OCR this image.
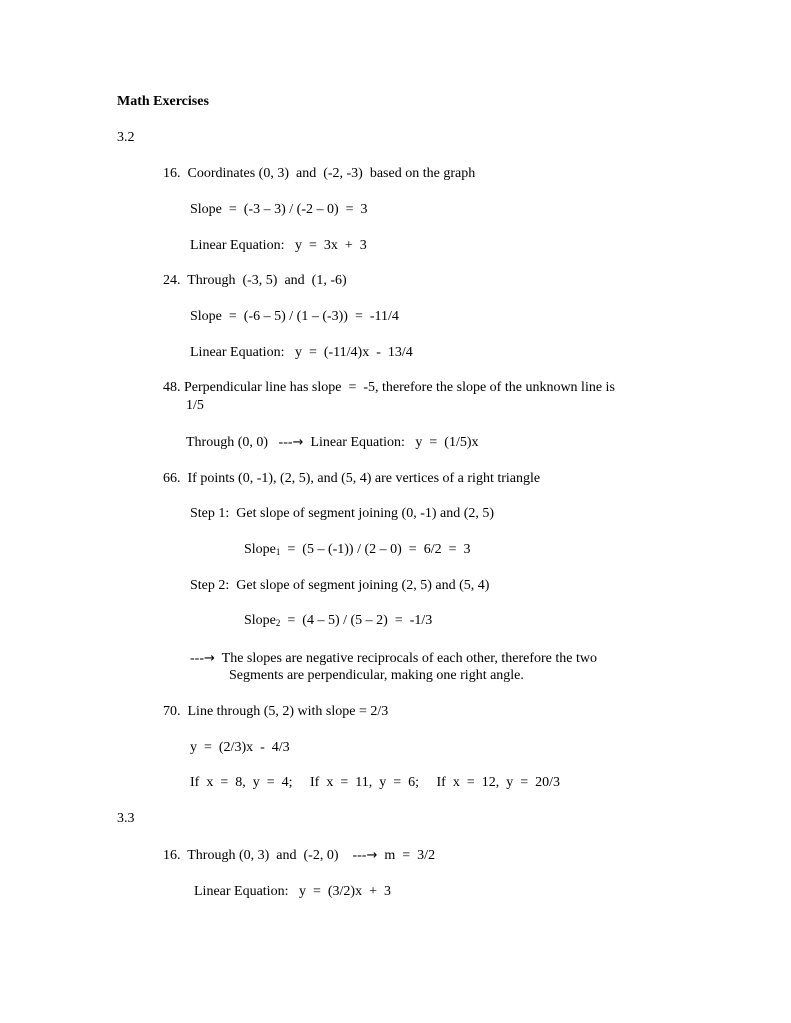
Math Exercises
3.2
16.  Coordinates (0, 3)  and  (-2, -3)  based on the graph
Slope  =  (-3 – 3) / (-2 – 0)  =  3
Linear Equation:   y  =  3x  +  3
24.  Through  (-3, 5)  and  (1, -6)
Slope  =  (-6 – 5) / (1 – (-3))  =  -11/4
Linear Equation:   y  =  (-11/4)x  -  13/4
48. Perpendicular line has slope  =  -5, therefore the slope of the unknown line is
1/5
Through (0, 0)   ---→  Linear Equation:   y  =  (1/5)x
66.  If points (0, -1), (2, 5), and (5, 4) are vertices of a right triangle
Step 1:  Get slope of segment joining (0, -1) and (2, 5)
Slope$_1$  =  (5 – (-1)) / (2 – 0)  =  6/2  =  3
Step 2:  Get slope of segment joining (2, 5) and (5, 4)
Slope$_2$  =  (4 – 5) / (5 – 2)  =  -1/3
---→  The slopes are negative reciprocals of each other, therefore the two
Segments are perpendicular, making one right angle.
70.  Line through (5, 2) with slope = 2/3
y  =  (2/3)x  -  4/3
If  x  =  8,  y  =  4;     If  x  =  11,  y  =  6;     If  x  =  12,  y  =  20/3
3.3
16.  Through (0, 3)  and  (-2, 0)    ---→  m  =  3/2
Linear Equation:   y  =  (3/2)x  +  3
